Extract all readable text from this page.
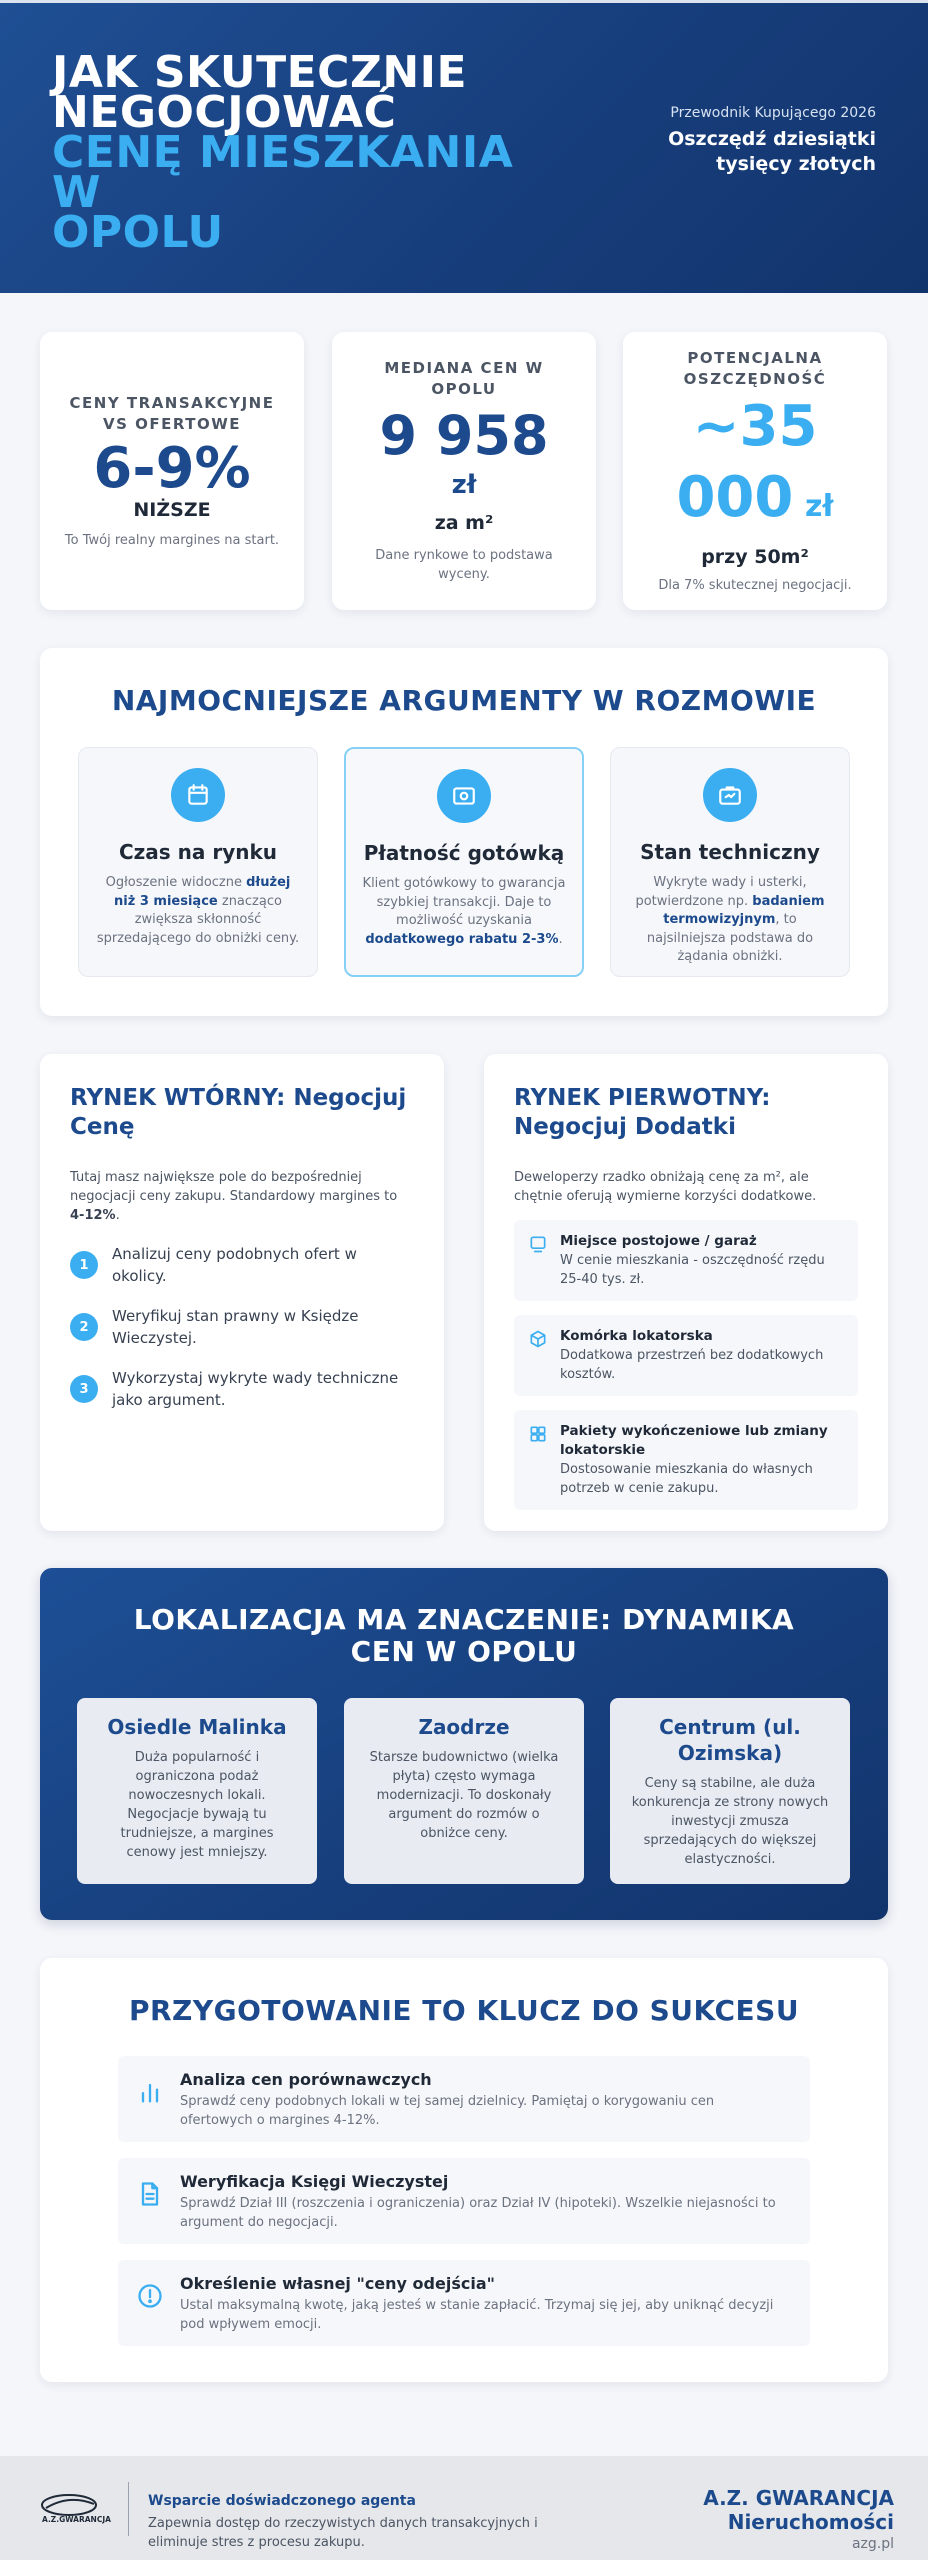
JAK SKUTECZNIE
NEGOCJOWAĆ
CENĘ MIESZKANIA W
OPOLU
Przewodnik Kupującego 2026
Oszczędź dziesiątki
tysięcy złotych
CENY TRANSAKCYJNE VS OFERTOWE
6-9%
NIŻSZE
To Twój realny margines na start.
MEDIANA CEN W OPOLU
9 958
zł
za m²
Dane rynkowe to podstawa wyceny.
POTENCJALNA OSZCZĘDNOŚĆ
~35 000 zł
przy 50m²
Dla 7% skutecznej negocjacji.
NAJMOCNIEJSZE ARGUMENTY W ROZMOWIE
Czas na rynku
Ogłoszenie widoczne dłużej niż 3 miesiące znacząco zwiększa skłonność sprzedającego do obniżki ceny.
Płatność gotówką
Klient gotówkowy to gwarancja szybkiej transakcji. Daje to możliwość uzyskania dodatkowego rabatu 2-3%.
Stan techniczny
Wykryte wady i usterki, potwierdzone np. badaniem termowizyjnym, to najsilniejsza podstawa do żądania obniżki.
RYNEK WTÓRNY: Negocjuj Cenę

Tutaj masz największe pole do bezpośredniej negocjacji ceny zakupu. Standardowy margines to 4-12%.

1
Analizuj ceny podobnych ofert w okolicy.
2
Weryfikuj stan prawny w Księdze Wieczystej.
3
Wykorzystaj wykryte wady techniczne jako argument.
RYNEK PIERWOTNY: Negocjuj Dodatki

Deweloperzy rzadko obniżają cenę za m², ale chętnie oferują wymierne korzyści dodatkowe.

Miejsce postojowe / garaż
W cenie mieszkania - oszczędność rzędu 25-40 tys. zł.
Komórka lokatorska
Dodatkowa przestrzeń bez dodatkowych kosztów.
Pakiety wykończeniowe lub zmiany lokatorskie
Dostosowanie mieszkania do własnych potrzeb w cenie zakupu.
LOKALIZACJA MA ZNACZENIE: DYNAMIKA CEN W OPOLU
Osiedle Malinka
Duża popularność i ograniczona podaż nowoczesnych lokali. Negocjacje bywają tu trudniejsze, a margines cenowy jest mniejszy.
Zaodrze
Starsze budownictwo (wielka płyta) często wymaga modernizacji. To doskonały argument do rozmów o obniżce ceny.
Centrum (ul. Ozimska)
Ceny są stabilne, ale duża konkurencja ze strony nowych inwestycji zmusza sprzedających do większej elastyczności.
PRZYGOTOWANIE TO KLUCZ DO SUKCESU
Analiza cen porównawczych
Sprawdź ceny podobnych lokali w tej samej dzielnicy. Pamiętaj o korygowaniu cen ofertowych o margines 4-12%.
Weryfikacja Księgi Wieczystej
Sprawdź Dział III (roszczenia i ograniczenia) oraz Dział IV (hipoteki). Wszelkie niejasności to argument do negocjacji.
Określenie własnej "ceny odejścia"
Ustal maksymalną kwotę, jaką jesteś w stanie zapłacić. Trzymaj się jej, aby uniknąć decyzji pod wpływem emocji.
A.Z.GWARANCJA
Wsparcie doświadczonego agenta
Zapewnia dostęp do rzeczywistych danych transakcyjnych i eliminuje stres z procesu zakupu.
A.Z. GWARANCJA
Nieruchomości
azg.pl
